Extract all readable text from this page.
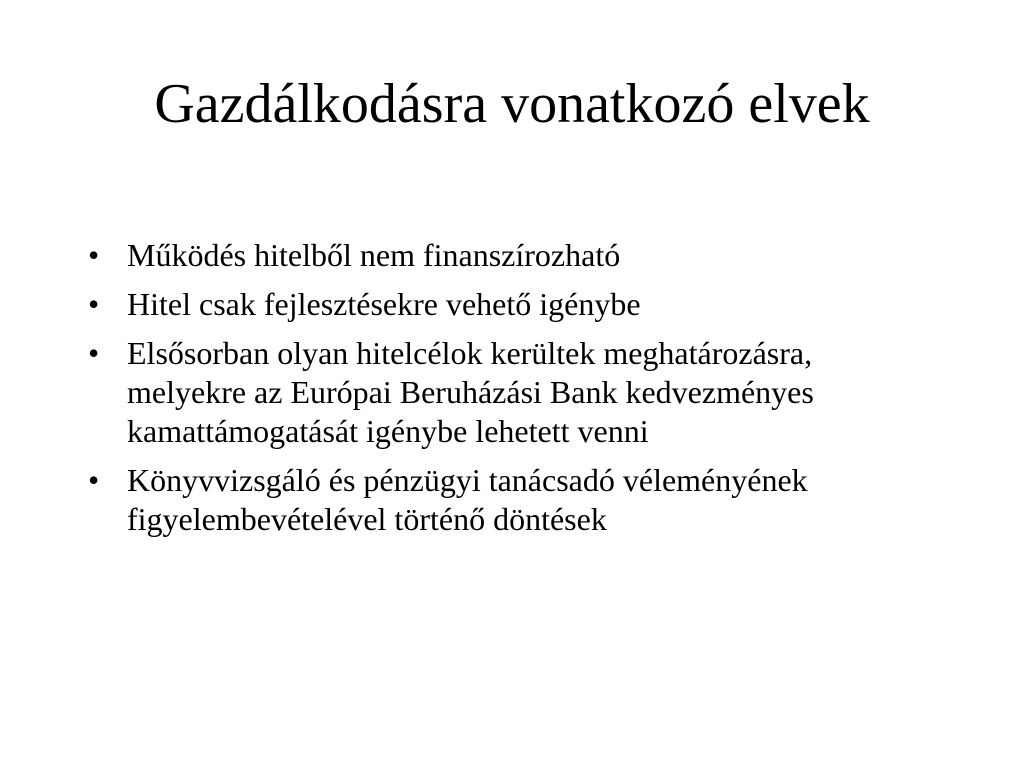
Gazdálkodásra vonatkozó elvek
• Működés hitelből nem finanszírozható
• Hitel csak fejlesztésekre vehető igénybe
• Elsősorban olyan hitelcélok kerültek meghatározásra, melyekre az Európai Beruházási Bank kedvezményes kamattámogatását igénybe lehetett venni
• Könyvvizsgáló és pénzügyi tanácsadó véleményének figyelembevételével történő döntések
